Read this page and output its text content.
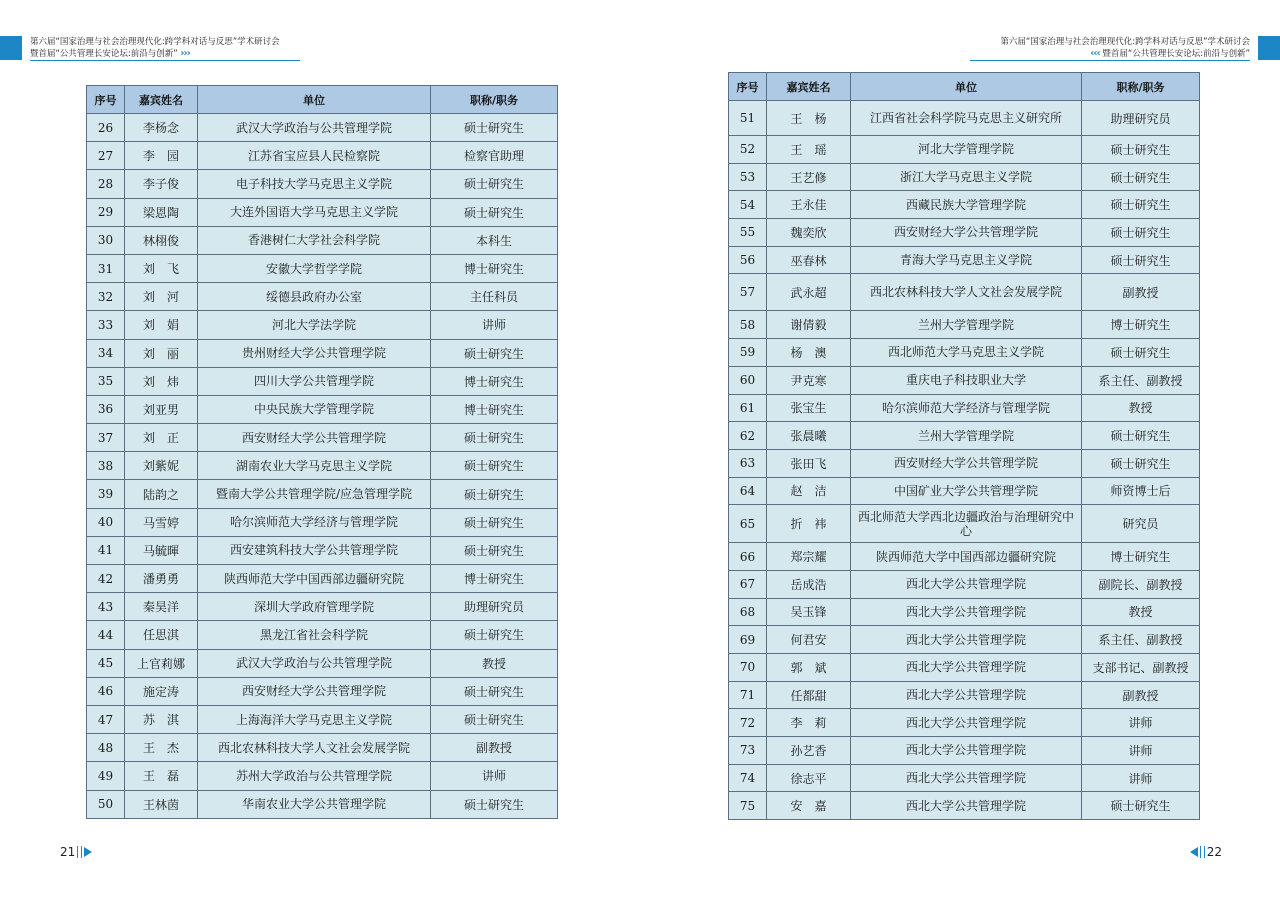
第六届“国家治理与社会治理现代化:跨学科对话与反思”学术研讨会
暨首届“公共管理长安论坛:前沿与创新” ›››
序号	嘉宾姓名	单位	职称/职务
26	李杨念	武汉大学政治与公共管理学院	硕士研究生
27	李　园	江苏省宝应县人民检察院	检察官助理
28	李子俊	电子科技大学马克思主义学院	硕士研究生
29	梁恩陶	大连外国语大学马克思主义学院	硕士研究生
30	林栩俊	香港树仁大学社会科学院	本科生
31	刘　飞	安徽大学哲学学院	博士研究生
32	刘　河	绥德县政府办公室	主任科员
33	刘　娟	河北大学法学院	讲师
34	刘　丽	贵州财经大学公共管理学院	硕士研究生
35	刘　炜	四川大学公共管理学院	博士研究生
36	刘亚男	中央民族大学管理学院	博士研究生
37	刘　正	西安财经大学公共管理学院	硕士研究生
38	刘紫妮	湖南农业大学马克思主义学院	硕士研究生
39	陆韵之	暨南大学公共管理学院/应急管理学院	硕士研究生
40	马雪婷	哈尔滨师范大学经济与管理学院	硕士研究生
41	马毓暉	西安建筑科技大学公共管理学院	硕士研究生
42	潘勇勇	陕西师范大学中国西部边疆研究院	博士研究生
43	秦昊洋	深圳大学政府管理学院	助理研究员
44	任思淇	黑龙江省社会科学院	硕士研究生
45	上官莉娜	武汉大学政治与公共管理学院	教授
46	施定涛	西安财经大学公共管理学院	硕士研究生
47	苏　淇	上海海洋大学马克思主义学院	硕士研究生
48	王　杰	西北农林科技大学人文社会发展学院	副教授
49	王　磊	苏州大学政治与公共管理学院	讲师
50	王林茵	华南农业大学公共管理学院	硕士研究生
21
第六届“国家治理与社会治理现代化:跨学科对话与反思”学术研讨会
‹‹‹ 暨首届“公共管理长安论坛:前沿与创新”
序号	嘉宾姓名	单位	职称/职务
51	王　杨	江西省社会科学院马克思主义研究所	助理研究员
52	王　瑶	河北大学管理学院	硕士研究生
53	王艺修	浙江大学马克思主义学院	硕士研究生
54	王永佳	西藏民族大学管理学院	硕士研究生
55	魏奕欣	西安财经大学公共管理学院	硕士研究生
56	巫春林	青海大学马克思主义学院	硕士研究生
57	武永超	西北农林科技大学人文社会发展学院	副教授
58	谢倩毅	兰州大学管理学院	博士研究生
59	杨　澳	西北师范大学马克思主义学院	硕士研究生
60	尹克寒	重庆电子科技职业大学	系主任、副教授
61	张宝生	哈尔滨师范大学经济与管理学院	教授
62	张晨曦	兰州大学管理学院	硕士研究生
63	张田飞	西安财经大学公共管理学院	硕士研究生
64	赵　洁	中国矿业大学公共管理学院	师资博士后
65	折　袆	西北师范大学西北边疆政治与治理研究中心	研究员
66	郑宗耀	陕西师范大学中国西部边疆研究院	博士研究生
67	岳成浩	西北大学公共管理学院	副院长、副教授
68	吴玉锋	西北大学公共管理学院	教授
69	何君安	西北大学公共管理学院	系主任、副教授
70	郭　斌	西北大学公共管理学院	支部书记、副教授
71	任都甜	西北大学公共管理学院	副教授
72	李　莉	西北大学公共管理学院	讲师
73	孙艺香	西北大学公共管理学院	讲师
74	徐志平	西北大学公共管理学院	讲师
75	安　嘉	西北大学公共管理学院	硕士研究生
22
